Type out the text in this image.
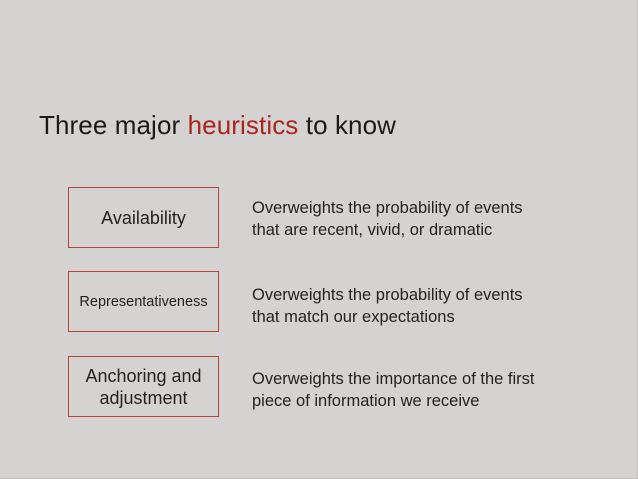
Three major heuristics to know
Availability	Overweights the probability of events
that are recent, vivid, or dramatic
Representativeness	Overweights the probability of events
that match our expectations
Anchoring and
adjustment
Overweights the importance of the first
piece of information we receive
